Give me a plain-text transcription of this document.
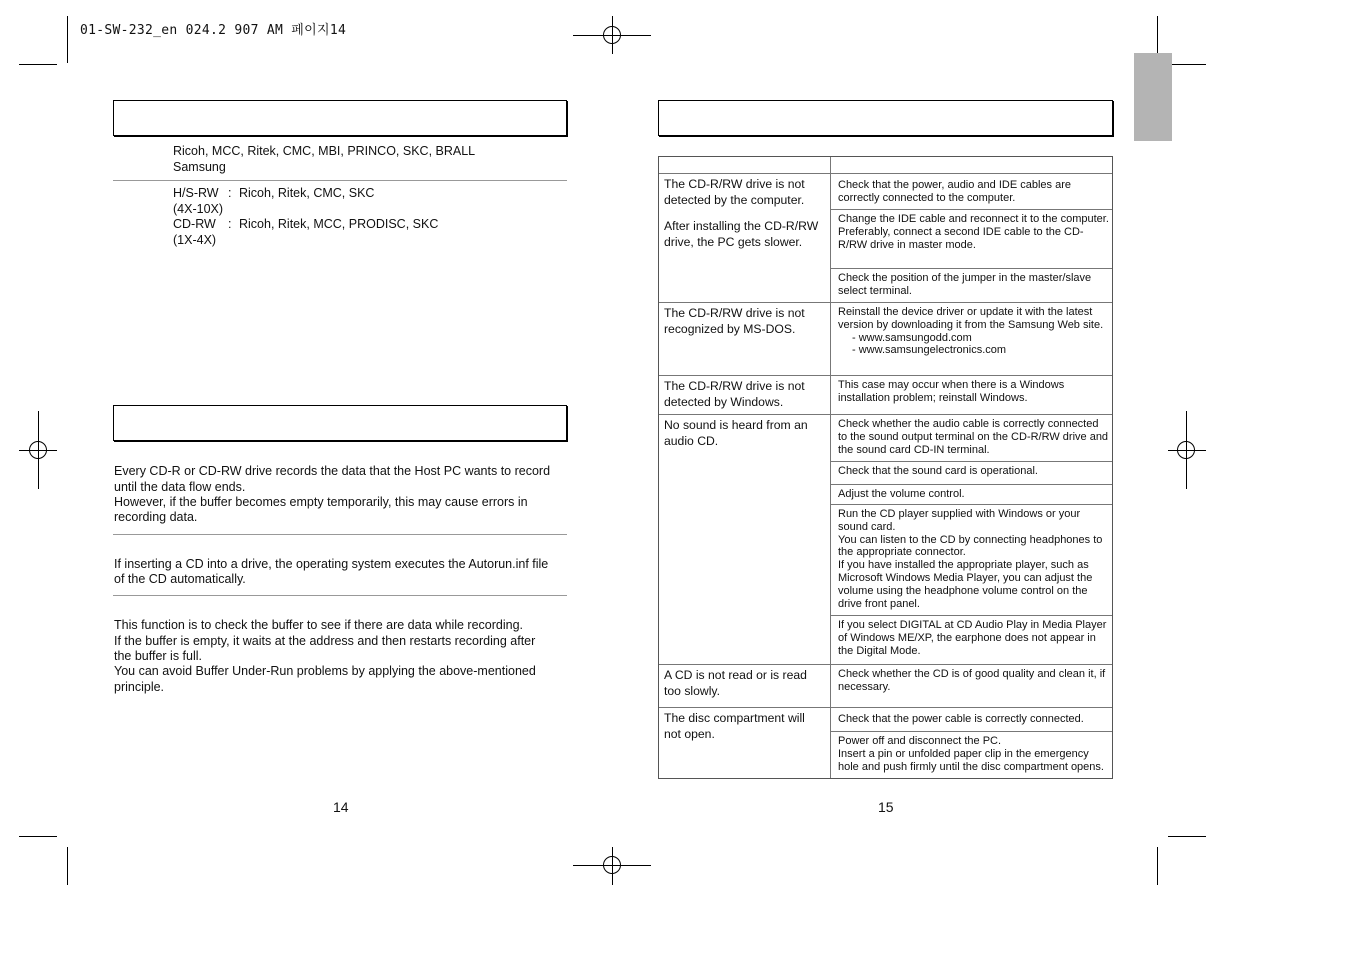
01-SW-232_en 024.2 907 AM 페이지14
Ricoh, MCC, Ritek, CMC, MBI, PRINCO, SKC, BRALL
Samsung
H/S-RW : Ricoh, Ritek, CMC, SKC
(4X-10X)
CD-RW : Ricoh, Ritek, MCC, PRODISC, SKC
(1X-4X)
Every CD-R or CD-RW drive records the data that the Host PC wants to record
until the data flow ends.
However, if the buffer becomes empty temporarily, this may cause errors in
recording data.
If inserting a CD into a drive, the operating system executes the Autorun.inf file
of the CD automatically.
This function is to check the buffer to see if there are data while recording.
If the buffer is empty, it waits at the address and then restarts recording after
the buffer is full.
You can avoid Buffer Under-Run problems by applying the above-mentioned
principle.
14

The CD-R/RW drive is not detected by the computer.
After installing the CD-R/RW drive, the PC gets slower.	Check that the power, audio and IDE cables are correctly connected to the computer.

	Change the IDE cable and reconnect it to the computer.
Preferably, connect a second IDE cable to the CD-R/RW drive in master mode.

	Check the position of the jumper in the master/slave select terminal.

The CD-R/RW drive is not recognized by MS-DOS.	Reinstall the device driver or update it with the latest version by downloading it from the Samsung Web site.
- www.samsungodd.com
- www.samsungelectronics.com

The CD-R/RW drive is not detected by Windows.	This case may occur when there is a Windows installation problem; reinstall Windows.

No sound is heard from an audio CD.	Check whether the audio cable is correctly connected to the sound output terminal on the CD-R/RW drive and the sound card CD-IN terminal.

	Check that the sound card is operational.

	Adjust the volume control.

	Run the CD player supplied with Windows or your sound card.
You can listen to the CD by connecting headphones to the appropriate connector.
If you have installed the appropriate player, such as Microsoft Windows Media Player, you can adjust the volume using the headphone volume control on the drive front panel.

	If you select DIGITAL at CD Audio Play in Media Player of Windows ME/XP, the earphone does not appear in the Digital Mode.

A CD is not read or is read too slowly.	Check whether the CD is of good quality and clean it, if necessary.

The disc compartment will not open.	Check that the power cable is correctly connected.

	Power off and disconnect the PC.
Insert a pin or unfolded paper clip in the emergency hole and push firmly until the disc compartment opens.
15
